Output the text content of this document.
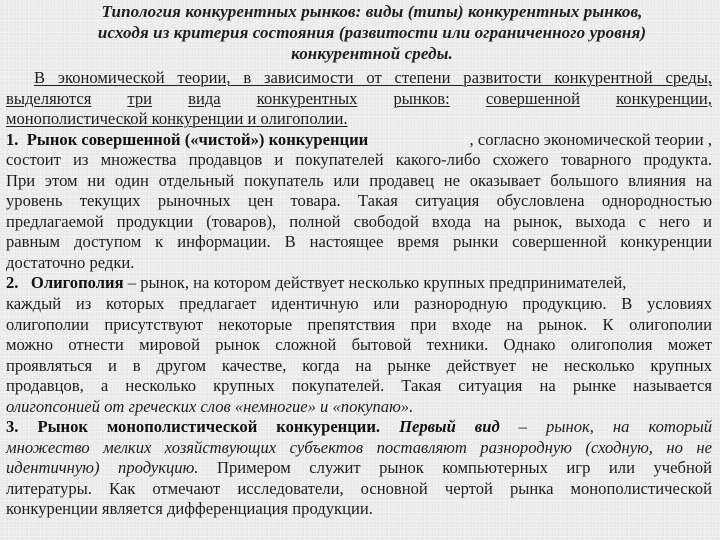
Типология конкурентных рынков: виды (типы) конкурентных рынков,
исходя из критерия состояния (развитости или ограниченного уровня)
конкурентной среды.
В экономической теории, в зависимости от степени развитости конкурентной среды,
выделяются три вида конкурентных рынков: совершенной конкуренции,
монополистической конкуренции и олигополии.
1. Рынок совершенной («чистой») конкуренции	, согласно экономической теории ,
состоит из множества продавцов и покупателей какого-либо схожего товарного продукта.
При этом ни один отдельный покупатель или продавец не оказывает большого влияния на
уровень текущих рыночных цен товара. Такая ситуация обусловлена однородностью
предлагаемой продукции (товаров), полной свободой входа на рынок, выхода с него и
равным доступом к информации. В настоящее время рынки совершенной конкуренции
достаточно редки.
2. Олигополия – рынок, на котором действует несколько крупных предпринимателей,
каждый из которых предлагает идентичную или разнородную продукцию. В условиях
олигополии присутствуют некоторые препятствия при входе на рынок. К олигополии
можно отнести мировой рынок сложной бытовой техники. Однако олигополия может
проявляться и в другом качестве, когда на рынке действует не несколько крупных
продавцов, а несколько крупных покупателей. Такая ситуация на рынке называется
олигопсонией от греческих слов «немногие» и «покупаю».
3. Рынок монополистической конкуренции. Первый вид – рынок, на который
множество мелких хозяйствующих субъектов поставляют разнородную (сходную, но не
идентичную) продукцию. Примером служит рынок компьютерных игр или учебной
литературы. Как отмечают исследователи, основной чертой рынка монополистической
конкуренции является дифференциация продукции.
